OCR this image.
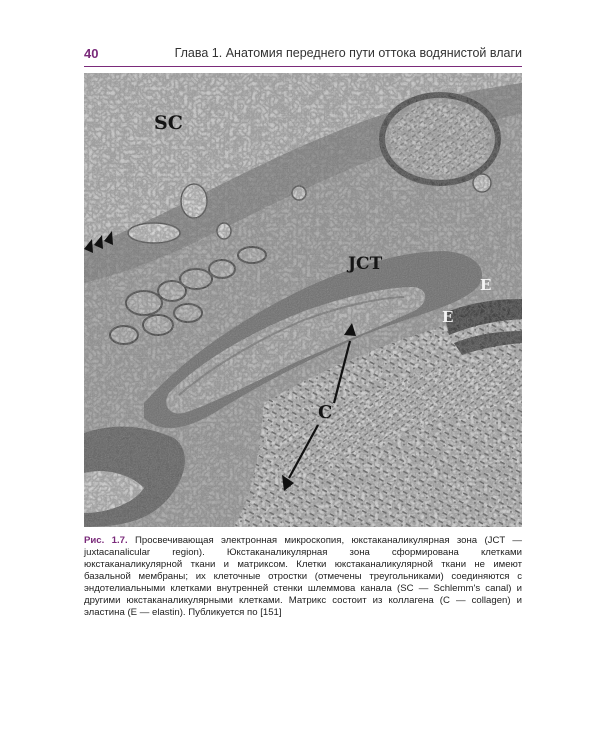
40	Глава 1. Анатомия переднего пути оттока водянистой влаги
SC
JCT
E
E
C
Рис. 1.7. Просвечивающая электронная микроскопия, юкстаканаликулярная зона (JCT — juxtacanalicular region). Юкстаканаликулярная зона сформирована клетками юкстаканаликулярной ткани и матриксом. Клетки юкстаканаликулярной ткани не имеют базальной мембраны; их клеточные отростки (отмечены треугольниками) соединяются с эндотелиальными клетками внутренней стенки шлеммова канала (SC — Schlemm's canal) и другими юкстаканаликулярными клетками. Матрикс состоит из коллагена (C — collagen) и эластина (E — elastin). Публикуется по [151]
